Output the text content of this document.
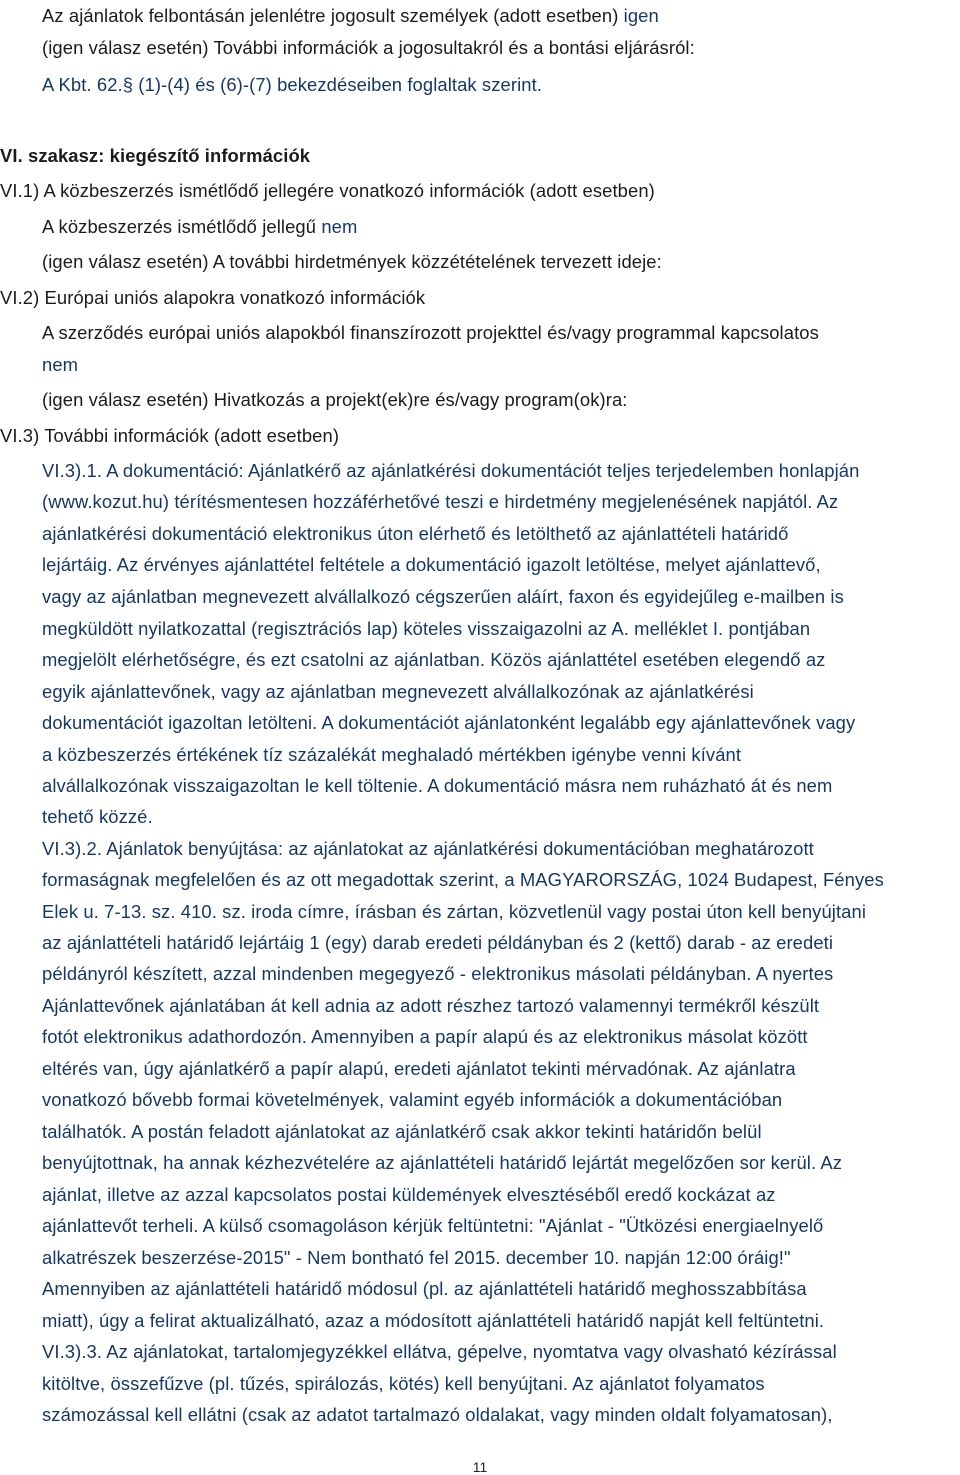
Az ajánlatok felbontásán jelenlétre jogosult személyek (adott esetben) igen
(igen válasz esetén) További információk a jogosultakról és a bontási eljárásról:
A Kbt. 62.§ (1)-(4) és (6)-(7) bekezdéseiben foglaltak szerint.
VI. szakasz: kiegészítő információk
VI.1) A közbeszerzés ismétlődő jellegére vonatkozó információk (adott esetben)
A közbeszerzés ismétlődő jellegű nem
(igen válasz esetén) A további hirdetmények közzétételének tervezett ideje:
VI.2) Európai uniós alapokra vonatkozó információk
A szerződés európai uniós alapokból finanszírozott projekttel és/vagy programmal kapcsolatos
nem
(igen válasz esetén) Hivatkozás a projekt(ek)re és/vagy program(ok)ra:
VI.3) További információk (adott esetben)
VI.3).1. A dokumentáció: Ajánlatkérő az ajánlatkérési dokumentációt teljes terjedelemben honlapján
(www.kozut.hu) térítésmentesen hozzáférhetővé teszi e hirdetmény megjelenésének napjától. Az
ajánlatkérési dokumentáció elektronikus úton elérhető és letölthető az ajánlattételi határidő
lejártáig. Az érvényes ajánlattétel feltétele a dokumentáció igazolt letöltése, melyet ajánlattevő,
vagy az ajánlatban megnevezett alvállalkozó cégszerűen aláírt, faxon és egyidejűleg e-mailben is
megküldött nyilatkozattal (regisztrációs lap) köteles visszaigazolni az A. melléklet I. pontjában
megjelölt elérhetőségre, és ezt csatolni az ajánlatban. Közös ajánlattétel esetében elegendő az
egyik ajánlattevőnek, vagy az ajánlatban megnevezett alvállalkozónak az ajánlatkérési
dokumentációt igazoltan letölteni. A dokumentációt ajánlatonként legalább egy ajánlattevőnek vagy
a közbeszerzés értékének tíz százalékát meghaladó mértékben igénybe venni kívánt
alvállalkozónak visszaigazoltan le kell töltenie. A dokumentáció másra nem ruházható át és nem
tehető közzé.
VI.3).2. Ajánlatok benyújtása: az ajánlatokat az ajánlatkérési dokumentációban meghatározott
formaságnak megfelelően és az ott megadottak szerint, a MAGYARORSZÁG, 1024 Budapest, Fényes
Elek u. 7-13. sz. 410. sz. iroda címre, írásban és zártan, közvetlenül vagy postai úton kell benyújtani
az ajánlattételi határidő lejártáig 1 (egy) darab eredeti példányban és 2 (kettő) darab - az eredeti
példányról készített, azzal mindenben megegyező - elektronikus másolati példányban. A nyertes
Ajánlattevőnek ajánlatában át kell adnia az adott részhez tartozó valamennyi termékről készült
fotót elektronikus adathordozón. Amennyiben a papír alapú és az elektronikus másolat között
eltérés van, úgy ajánlatkérő a papír alapú, eredeti ajánlatot tekinti mérvadónak. Az ajánlatra
vonatkozó bővebb formai követelmények, valamint egyéb információk a dokumentációban
találhatók. A postán feladott ajánlatokat az ajánlatkérő csak akkor tekinti határidőn belül
benyújtottnak, ha annak kézhezvételére az ajánlattételi határidő lejártát megelőzően sor kerül. Az
ajánlat, illetve az azzal kapcsolatos postai küldemények elvesztéséből eredő kockázat az
ajánlattevőt terheli. A külső csomagoláson kérjük feltüntetni: "Ajánlat - "Ütközési energiaelnyelő
alkatrészek beszerzése-2015" - Nem bontható fel 2015. december 10. napján 12:00 óráig!"
Amennyiben az ajánlattételi határidő módosul (pl. az ajánlattételi határidő meghosszabbítása
miatt), úgy a felirat aktualizálható, azaz a módosított ajánlattételi határidő napját kell feltüntetni.
VI.3).3. Az ajánlatokat, tartalomjegyzékkel ellátva, gépelve, nyomtatva vagy olvasható kézírással
kitöltve, összefűzve (pl. tűzés, spirálozás, kötés) kell benyújtani. Az ajánlatot folyamatos
számozással kell ellátni (csak az adatot tartalmazó oldalakat, vagy minden oldalt folyamatosan),
11
